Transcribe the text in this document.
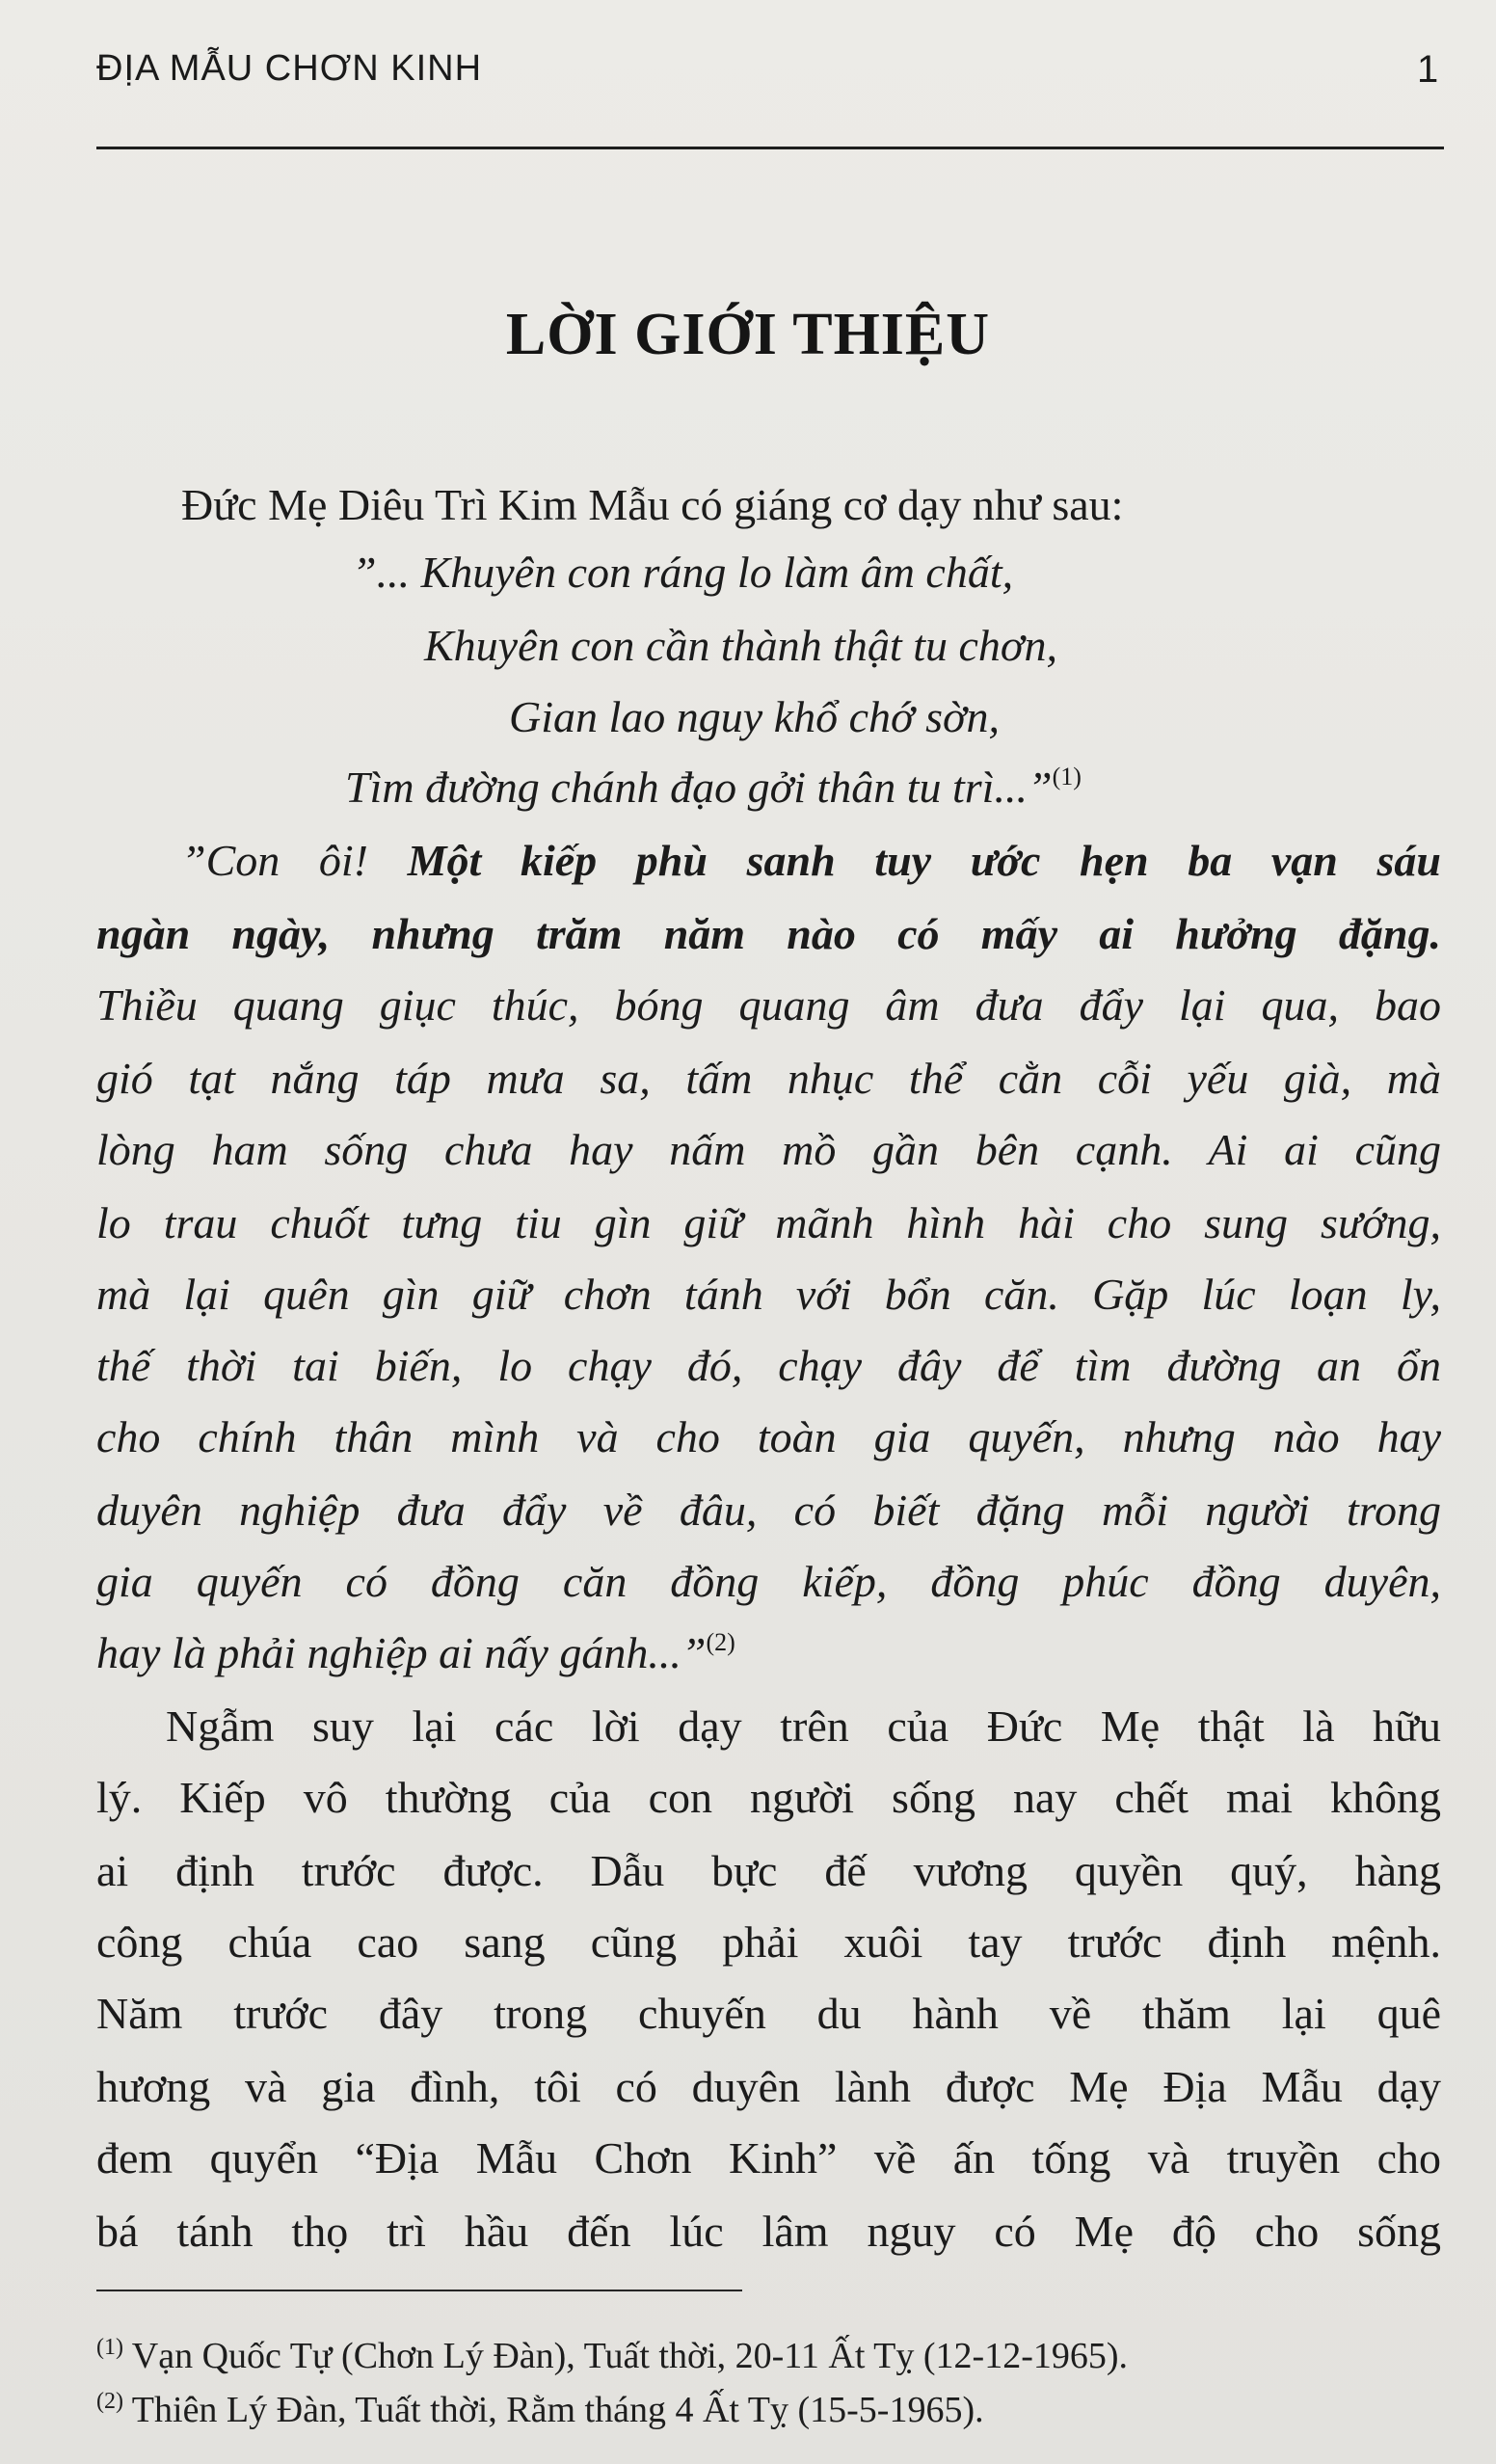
ĐỊA MẪU CHƠN KINH	1
LỜI GIỚI THIỆU
Đức Mẹ Diêu Trì Kim Mẫu có giáng cơ dạy như sau:
”... Khuyên con ráng lo làm âm chất,
Khuyên con cần thành thật tu chơn,
Gian lao nguy khổ chớ sờn,
Tìm đường chánh đạo gởi thân tu trì...”$^{(1)}$
”Con ôi! Một kiếp phù sanh tuy ước hẹn ba vạn sáu
ngàn ngày, nhưng trăm năm nào có mấy ai hưởng đặng.
Thiều quang giục thúc, bóng quang âm đưa đẩy lại qua, bao
gió tạt nắng táp mưa sa, tấm nhục thể cằn cỗi yếu già, mà
lòng ham sống chưa hay nấm mồ gần bên cạnh. Ai ai cũng
lo trau chuốt tưng tiu gìn giữ mãnh hình hài cho sung sướng,
mà lại quên gìn giữ chơn tánh với bổn căn. Gặp lúc loạn ly,
thế thời tai biến, lo chạy đó, chạy đây để tìm đường an ổn
cho chính thân mình và cho toàn gia quyến, nhưng nào hay
duyên nghiệp đưa đẩy về đâu, có biết đặng mỗi người trong
gia quyến có đồng căn đồng kiếp, đồng phúc đồng duyên,
hay là phải nghiệp ai nấy gánh...”$^{(2)}$
Ngẫm suy lại các lời dạy trên của Đức Mẹ thật là hữu
lý. Kiếp vô thường của con người sống nay chết mai không
ai định trước được. Dẫu bực đế vương quyền quý, hàng
công chúa cao sang cũng phải xuôi tay trước định mệnh.
Năm trước đây trong chuyến du hành về thăm lại quê
hương và gia đình, tôi có duyên lành được Mẹ Địa Mẫu dạy
đem quyển “Địa Mẫu Chơn Kinh” về ấn tống và truyền cho
bá tánh thọ trì hầu đến lúc lâm nguy có Mẹ độ cho sống
$^{(1)}$ Vạn Quốc Tự (Chơn Lý Đàn), Tuất thời, 20-11 Ất Tỵ (12-12-1965).
$^{(2)}$ Thiên Lý Đàn, Tuất thời, Rằm tháng 4 Ất Tỵ (15-5-1965).
